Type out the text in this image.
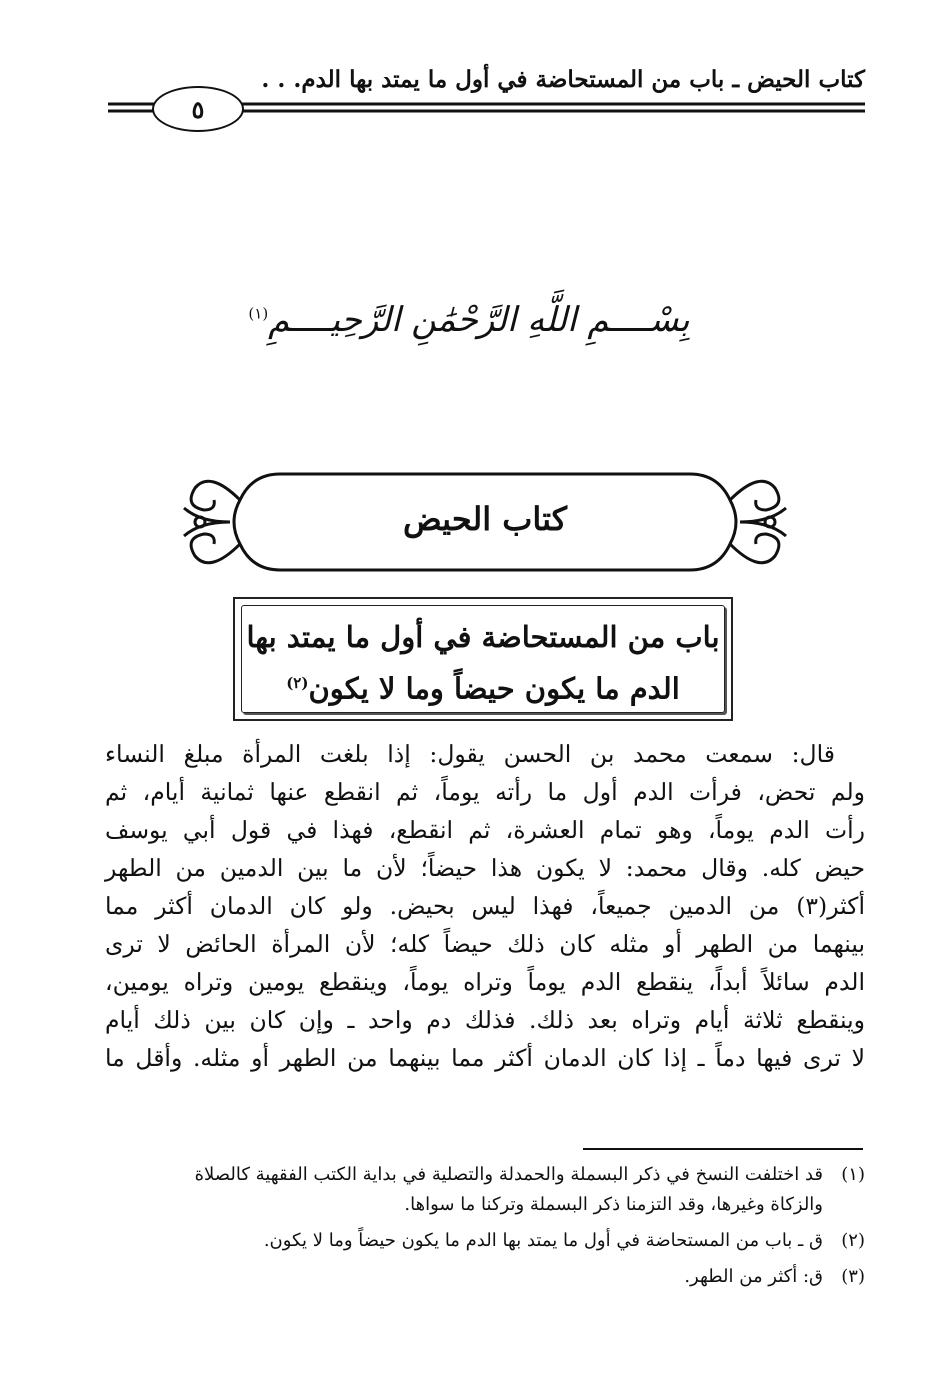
كتاب الحيض ـ باب من المستحاضة في أول ما يمتد بها الدم. . .
٥
بِسْــــمِ اللَّهِ الرَّحْمَٰنِ الرَّحِيــــمِ$^{(١)}$
كتاب الحيض
باب من المستحاضة في أول ما يمتد بها
الدم ما يكون حيضاً وما لا يكون$^{(٢)}$
قال: سمعت محمد بن الحسن يقول: إذا بلغت المرأة مبلغ النساء
ولم تحض، فرأت الدم أول ما رأته يوماً، ثم انقطع عنها ثمانية أيام، ثم
رأت الدم يوماً، وهو تمام العشرة، ثم انقطع، فهذا في قول أبي يوسف
حيض كله. وقال محمد: لا يكون هذا حيضاً؛ لأن ما بين الدمين من الطهر
أكثر(٣) من الدمين جميعاً، فهذا ليس بحيض. ولو كان الدمان أكثر مما
بينهما من الطهر أو مثله كان ذلك حيضاً كله؛ لأن المرأة الحائض لا ترى
الدم سائلاً أبداً، ينقطع الدم يوماً وتراه يوماً، وينقطع يومين وتراه يومين،
وينقطع ثلاثة أيام وتراه بعد ذلك. فذلك دم واحد ـ وإن كان بين ذلك أيام
لا ترى فيها دماً ـ إذا كان الدمان أكثر مما بينهما من الطهر أو مثله. وأقل ما
(١)
قد اختلفت النسخ في ذكر البسملة والحمدلة والتصلية في بداية الكتب الفقهية كالصلاة
والزكاة وغيرها، وقد التزمنا ذكر البسملة وتركنا ما سواها.
(٢)
ق ـ باب من المستحاضة في أول ما يمتد بها الدم ما يكون حيضاً وما لا يكون.
(٣)
ق: أكثر من الطهر.
